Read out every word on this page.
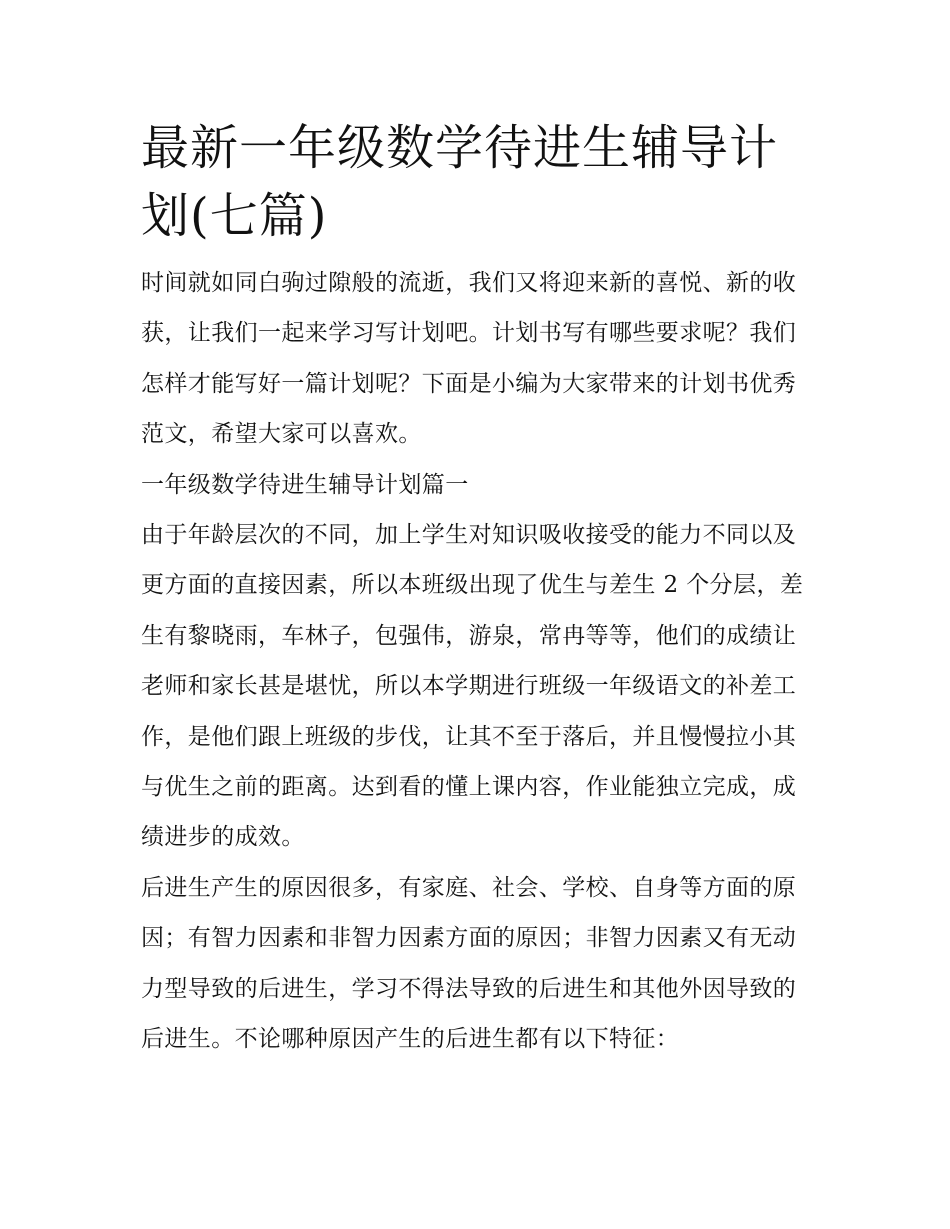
最新一年级数学待进生辅导计划(七篇)

时间就如同白驹过隙般的流逝，我们又将迎来新的喜悦、新的收获，让我们一起来学习写计划吧。计划书写有哪些要求呢？我们怎样才能写好一篇计划呢？下面是小编为大家带来的计划书优秀范文，希望大家可以喜欢。

一年级数学待进生辅导计划篇一

由于年龄层次的不同，加上学生对知识吸收接受的能力不同以及更方面的直接因素，所以本班级出现了优生与差生 2 个分层，差生有黎晓雨，车林子，包强伟，游泉，常冉等等，他们的成绩让老师和家长甚是堪忧，所以本学期进行班级一年级语文的补差工作，是他们跟上班级的步伐，让其不至于落后，并且慢慢拉小其与优生之前的距离。达到看的懂上课内容，作业能独立完成，成绩进步的成效。

后进生产生的原因很多，有家庭、社会、学校、自身等方面的原因；有智力因素和非智力因素方面的原因；非智力因素又有无动力型导致的后进生，学习不得法导致的后进生和其他外因导致的后进生。不论哪种原因产生的后进生都有以下特征：
